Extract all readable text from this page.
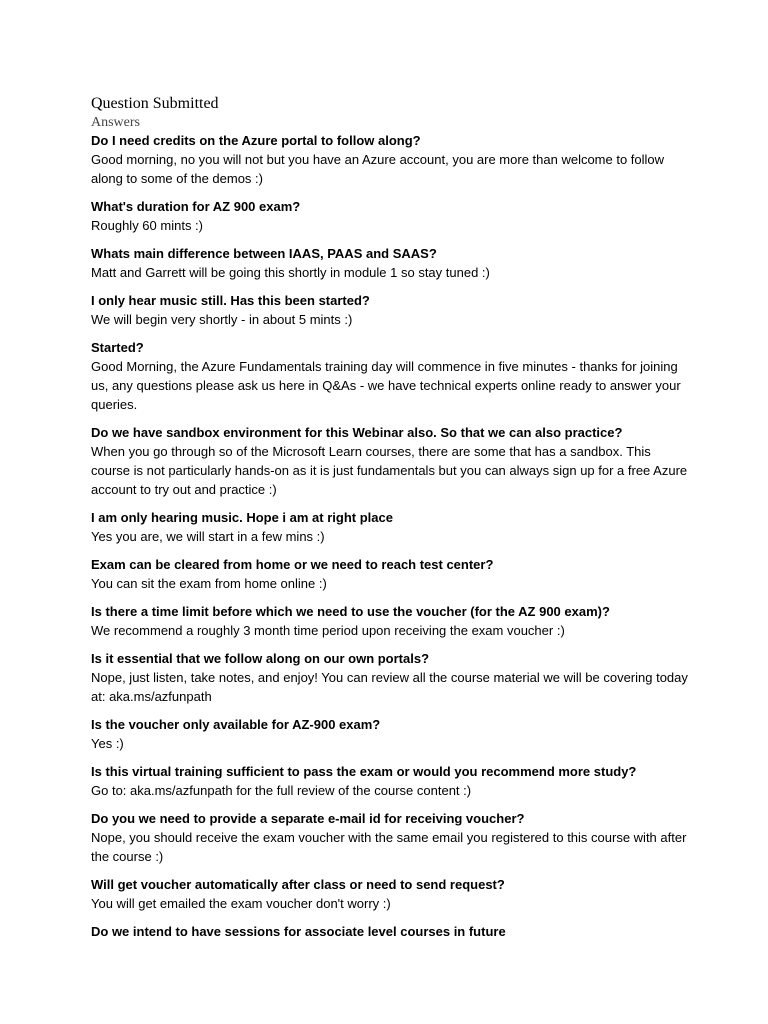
Question Submitted
Answers

Do I need credits on the Azure portal to follow along?

Good morning, no you will not but you have an Azure account, you are more than welcome to follow along to some of the demos :)

What's duration for AZ 900 exam?

Roughly 60 mints :)

Whats main difference between IAAS, PAAS and SAAS?

Matt and Garrett will be going this shortly in module 1 so stay tuned :)

I only hear music still. Has this been started?

We will begin very shortly - in about 5 mints :)

Started?

Good Morning, the Azure Fundamentals training day will commence in five minutes - thanks for joining us, any questions please ask us here in Q&As - we have technical experts online ready to answer your queries.

Do we have sandbox environment for this Webinar also. So that we can also practice?

When you go through so of the Microsoft Learn courses, there are some that has a sandbox. This course is not particularly hands-on as it is just fundamentals but you can always sign up for a free Azure account to try out and practice :)

I am only hearing music. Hope i am at right place

Yes you are, we will start in a few mins :)

Exam can be cleared from home or we need to reach test center?

You can sit the exam from home online :)

Is there a time limit before which we need to use the voucher (for the AZ 900 exam)?

We recommend a roughly 3 month time period upon receiving the exam voucher :)

Is it essential that we follow along on our own portals?

Nope, just listen, take notes, and enjoy! You can review all the course material we will be covering today at: aka.ms/azfunpath

Is the voucher only available for AZ-900 exam?

Yes :)

Is this virtual training sufficient to pass the exam or would you recommend more study?

Go to: aka.ms/azfunpath for the full review of the course content :)

Do you we need to provide a separate e-mail id for receiving voucher?

Nope, you should receive the exam voucher with the same email you registered to this course with after the course :)

Will get voucher automatically after class or need to send request?

You will get emailed the exam voucher don't worry :)

Do we intend to have sessions for associate level courses in future
